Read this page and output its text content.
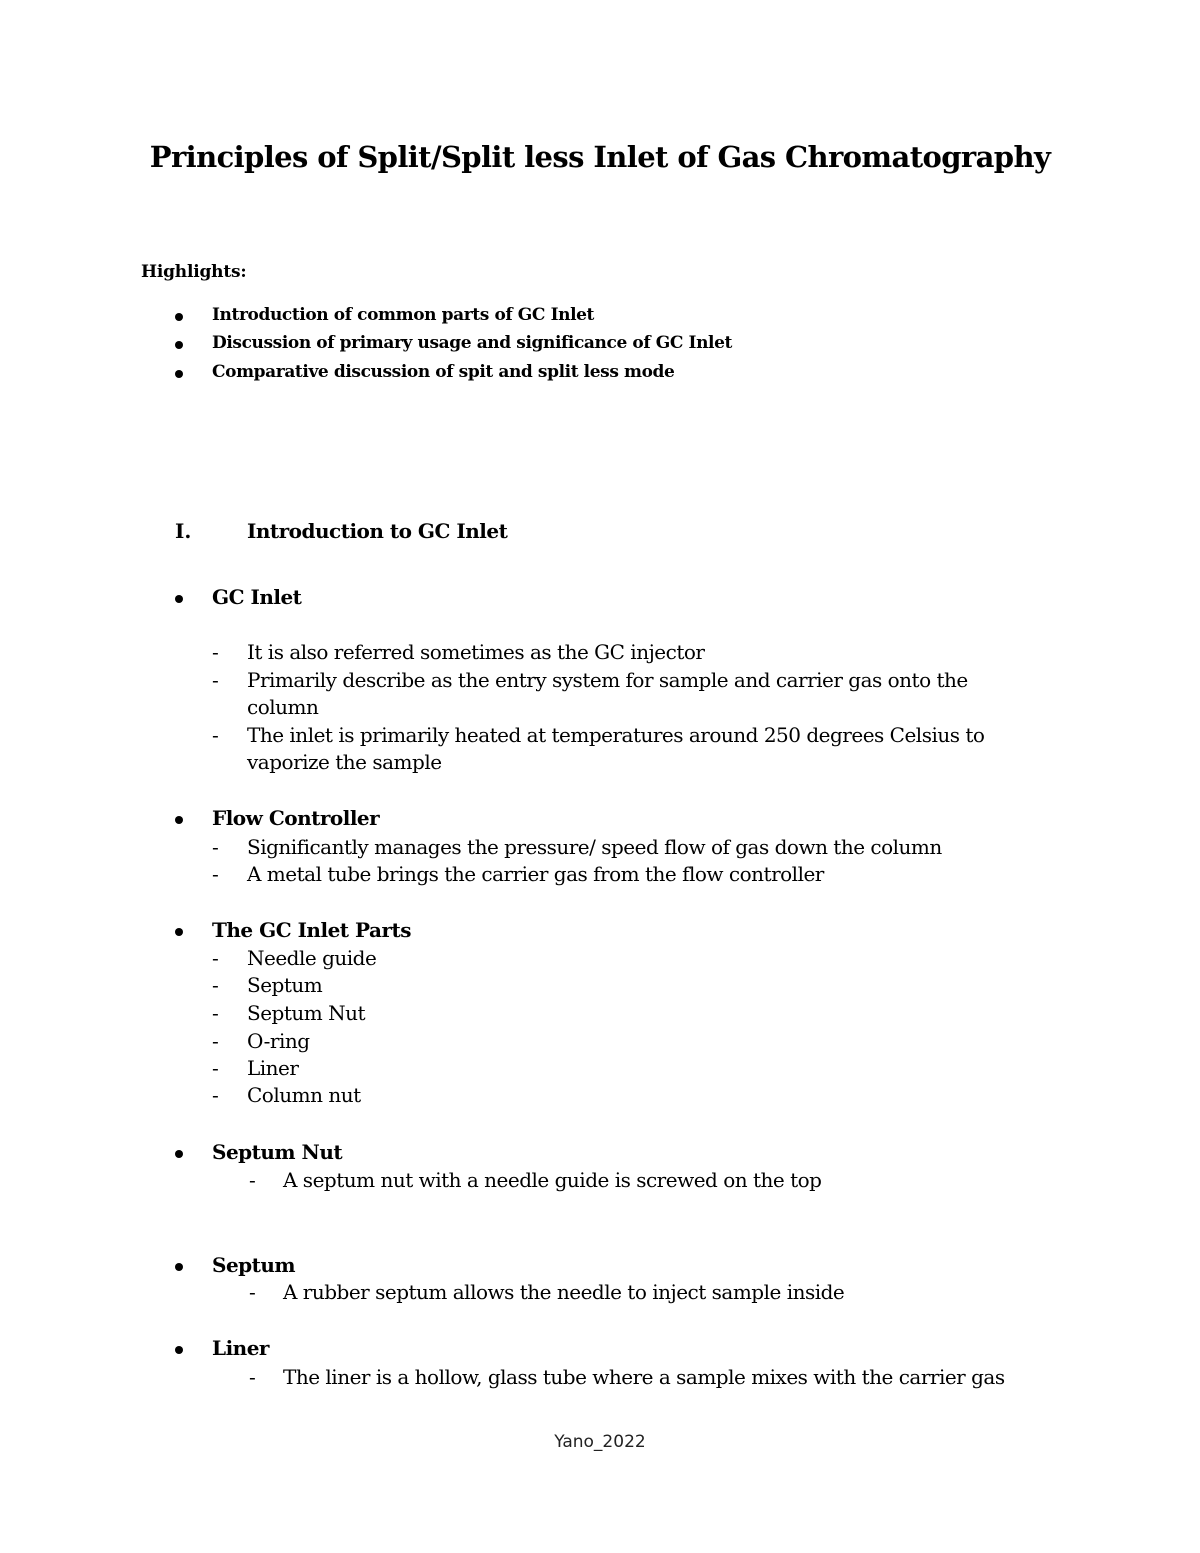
Principles of Split/Split less Inlet of Gas Chromatography
Highlights:
Introduction of common parts of GC Inlet
Discussion of primary usage and significance of GC Inlet
Comparative discussion of spit and split less mode
I.	Introduction to GC Inlet
GC Inlet
- It is also referred sometimes as the GC injector
- Primarily describe as the entry system for sample and carrier gas onto the
column
- The inlet is primarily heated at temperatures around 250 degrees Celsius to
vaporize the sample
Flow Controller
- Significantly manages the pressure/ speed flow of gas down the column
- A metal tube brings the carrier gas from the flow controller
The GC Inlet Parts
- Needle guide
- Septum
- Septum Nut
- O-ring
- Liner
- Column nut
Septum Nut
- A septum nut with a needle guide is screwed on the top
Septum
- A rubber septum allows the needle to inject sample inside
Liner
- The liner is a hollow, glass tube where a sample mixes with the carrier gas
Yano_2022
